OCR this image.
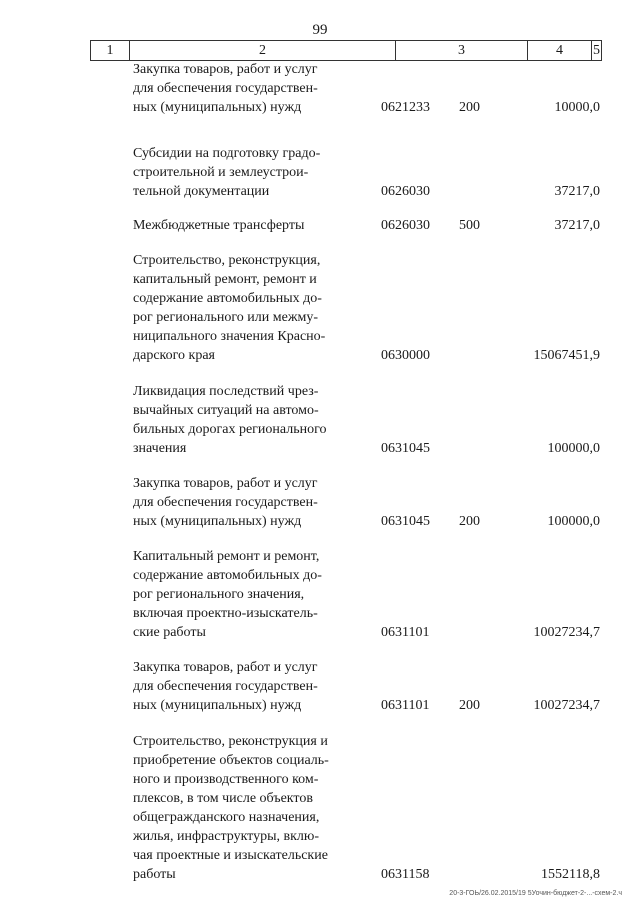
99
1	2	3	4	5
Закупка товаров, работ и услуг
для обеспечения государствен-
ных (муниципальных) нужд	0621233 200	10000,0
Субсидии на подготовку градо-
строительной и землеустрои-
тельной документации	0626030	37217,0
Межбюджетные трансферты	0626030 500	37217,0
Строительство, реконструкция,
капитальный ремонт, ремонт и
содержание автомобильных до-
рог регионального или межму-
ниципального значения Красно-
дарского края	0630000	15067451,9
Ликвидация последствий чрез-
вычайных ситуаций на автомо-
бильных дорогах регионального
значения	0631045	100000,0
Закупка товаров, работ и услуг
для обеспечения государствен-
ных (муниципальных) нужд	0631045 200	100000,0
Капитальный ремонт и ремонт,
содержание автомобильных до-
рог регионального значения,
включая проектно-изыскатель-
ские работы	0631101	10027234,7
Закупка товаров, работ и услуг
для обеспечения государствен-
ных (муниципальных) нужд	0631101 200	10027234,7
Строительство, реконструкция и
приобретение объектов социаль-
ного и производственного ком-
плексов, в том числе объектов
общегражданского назначения,
жилья, инфраструктуры, вклю-
чая проектные и изыскательские
работы	0631158	1552118,8
20-3-ГОЬ/26.02.2015/19 5Уочин-бюджет-2-...-схем-2.ч
